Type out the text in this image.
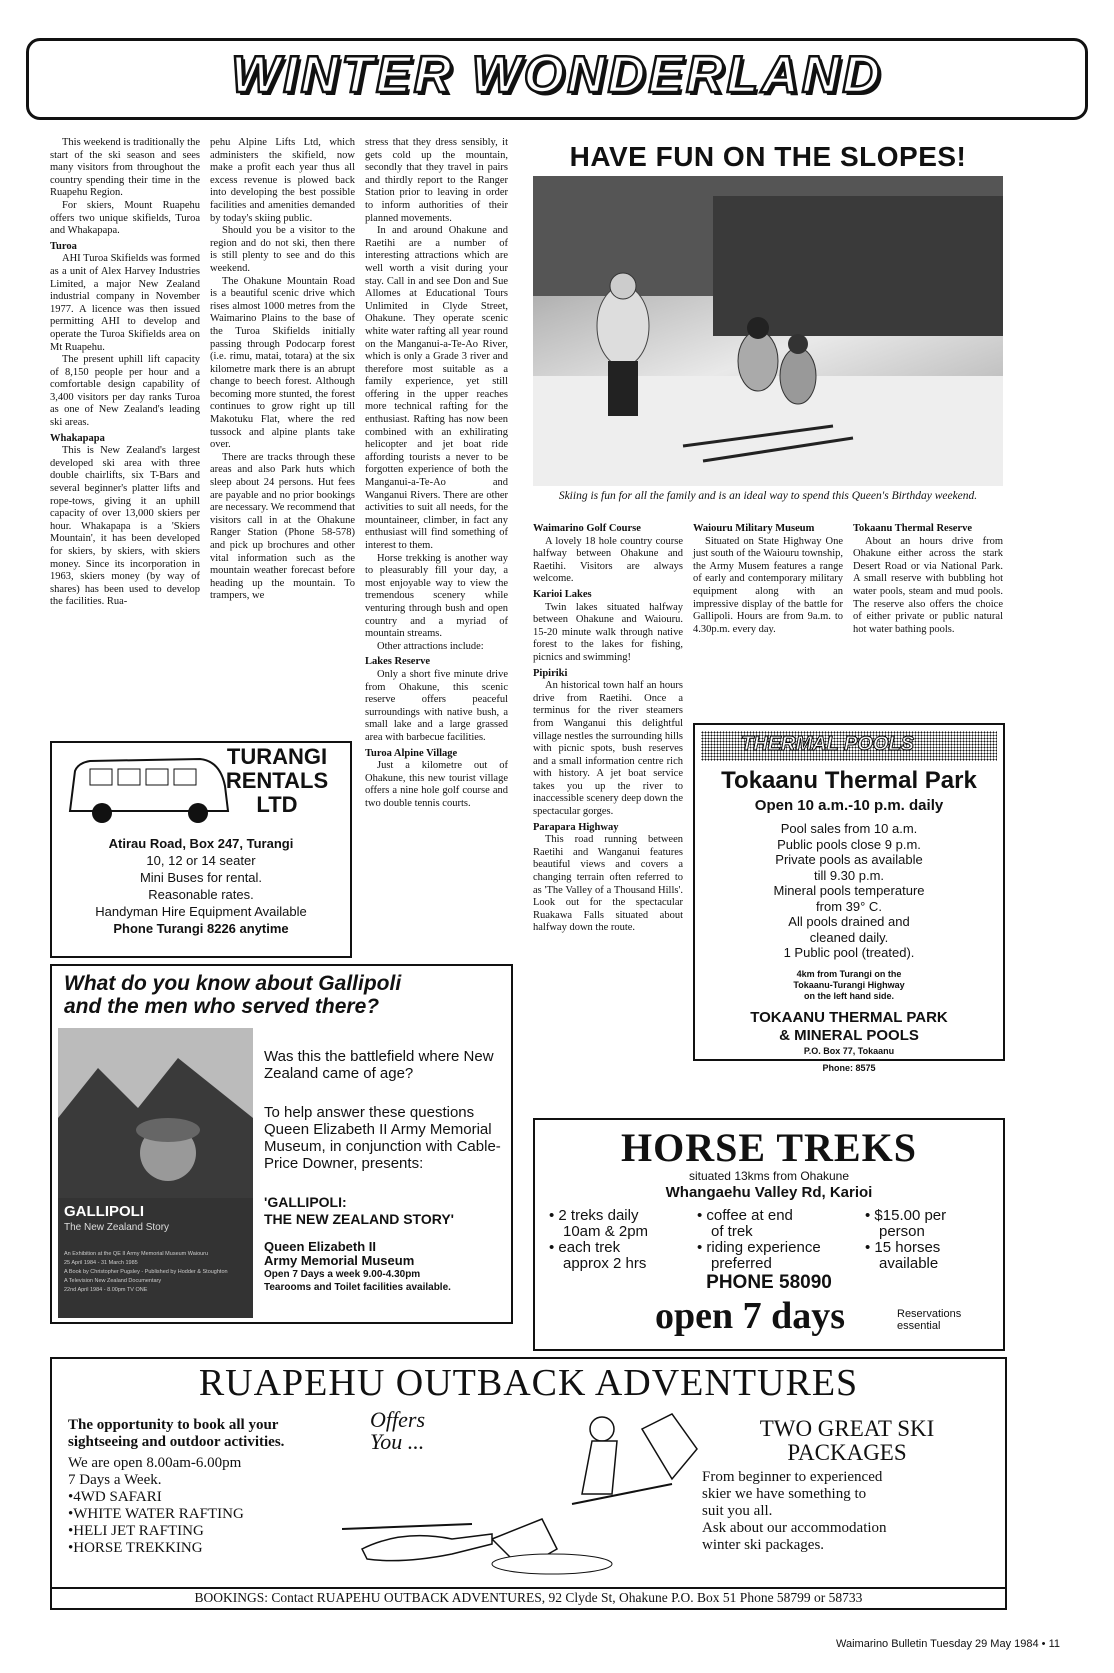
WINTER WONDERLAND

This weekend is traditionally the start of the ski season and sees many visitors from throughout the country spending their time in the Ruapehu Region.

For skiers, Mount Ruapehu offers two unique skifields, Turoa and Whakapapa.

Turoa

AHI Turoa Skifields was formed as a unit of Alex Harvey Industries Limited, a major New Zealand industrial company in November 1977. A licence was then issued permitting AHI to develop and operate the Turoa Skifields area on Mt Ruapehu.

The present uphill lift capacity of 8,150 people per hour and a comfortable design capability of 3,400 visitors per day ranks Turoa as one of New Zealand's leading ski areas.

Whakapapa

This is New Zealand's largest developed ski area with three double chairlifts, six T-Bars and several beginner's platter lifts and rope-tows, giving it an uphill capacity of over 13,000 skiers per hour. Whakapapa is a 'Skiers Mountain', it has been developed for skiers, by skiers, with skiers money. Since its incorporation in 1963, skiers money (by way of shares) has been used to develop the facilities. Rua-

pehu Alpine Lifts Ltd, which administers the skifield, now make a profit each year thus all excess revenue is plowed back into developing the best possible facilities and amenities demanded by today's skiing public.

Should you be a visitor to the region and do not ski, then there is still plenty to see and do this weekend.

The Ohakune Mountain Road is a beautiful scenic drive which rises almost 1000 metres from the Waimarino Plains to the base of the Turoa Skifields initially passing through Podocarp forest (i.e. rimu, matai, totara) at the six kilometre mark there is an abrupt change to beech forest. Although becoming more stunted, the forest continues to grow right up till Makotuku Flat, where the red tussock and alpine plants take over.

There are tracks through these areas and also Park huts which sleep about 24 persons. Hut fees are payable and no prior bookings are necessary. We recommend that visitors call in at the Ohakune Ranger Station (Phone 58-578) and pick up brochures and other vital information such as the mountain weather forecast before heading up the mountain. To trampers, we

stress that they dress sensibly, it gets cold up the mountain, secondly that they travel in pairs and thirdly report to the Ranger Station prior to leaving in order to inform authorities of their planned movements.

In and around Ohakune and Raetihi are a number of interesting attractions which are well worth a visit during your stay. Call in and see Don and Sue Allomes at Educational Tours Unlimited in Clyde Street, Ohakune. They operate scenic white water rafting all year round on the Manganui-a-Te-Ao River, which is only a Grade 3 river and therefore most suitable as a family experience, yet still offering in the upper reaches more technical rafting for the enthusiast. Rafting has now been combined with an exhilirating helicopter and jet boat ride affording tourists a never to be forgotten experience of both the Manganui-a-Te-Ao and Wanganui Rivers. There are other activities to suit all needs, for the mountaineer, climber, in fact any enthusiast will find something of interest to them.

Horse trekking is another way to pleasurably fill your day, a most enjoyable way to view the tremendous scenery while venturing through bush and open country and a myriad of mountain streams.

Other attractions include:

Lakes Reserve

Only a short five minute drive from Ohakune, this scenic reserve offers peaceful surroundings with native bush, a small lake and a large grassed area with barbecue facilities.

Turoa Alpine Village

Just a kilometre out of Ohakune, this new tourist village offers a nine hole golf course and two double tennis courts.

HAVE FUN ON THE SLOPES!
Skiing is fun for all the family and is an ideal way to spend this Queen's Birthday weekend.

Waimarino Golf Course

A lovely 18 hole country course halfway between Ohakune and Raetihi. Visitors are always welcome.

Karioi Lakes

Twin lakes situated halfway between Ohakune and Waiouru. 15-20 minute walk through native forest to the lakes for fishing, picnics and swimming!

Pipiriki

An historical town half an hours drive from Raetihi. Once a terminus for the river steamers from Wanganui this delightful village nestles the surrounding hills with picnic spots, bush reserves and a small information centre rich with history. A jet boat service takes you up the river to inaccessible scenery deep down the spectacular gorges.

Parapara Highway

This road running between Raetihi and Wanganui features beautiful views and covers a changing terrain often referred to as 'The Valley of a Thousand Hills'. Look out for the spectacular Ruakawa Falls situated about halfway down the route.

Waiouru Military Museum

Situated on State Highway One just south of the Waiouru township, the Army Musem features a range of early and contemporary military equipment along with an impressive display of the battle for Gallipoli. Hours are from 9a.m. to 4.30p.m. every day.

Tokaanu Thermal Reserve

About an hours drive from Ohakune either across the stark Desert Road or via National Park. A small reserve with bubbling hot water pools, steam and mud pools. The reserve also offers the choice of either private or public natural hot water bathing pools.

TURANGI
RENTALS
LTD
Atirau Road, Box 247, Turangi
10, 12 or 14 seater
Mini Buses for rental.
Reasonable rates.
Handyman Hire Equipment Available
Phone Turangi 8226 anytime
What do you know about Gallipoli
and the men who served there?
GALLIPOLI
The New Zealand Story
An Exhibition at the QE II Army Memorial Museum Waiouru
25 April 1984 - 31 March 1985
A Book by Christopher Pugsley - Published by Hodder & Stoughton
A Television New Zealand Documentary
22nd April 1984 - 8.00pm TV ONE
Was this the battlefield where New Zealand came of age?
To help answer these questions Queen Elizabeth II Army Memorial Museum, in conjunction with Cable-Price Downer, presents:
'GALLIPOLI:
THE NEW ZEALAND STORY'
Queen Elizabeth II
Army Memorial Museum
Open 7 Days a week 9.00-4.30pm
Tearooms and Toilet facilities available.
THERMAL POOLS
Tokaanu Thermal Park
Open 10 a.m.-10 p.m. daily
Pool sales from 10 a.m.
Public pools close 9 p.m.
Private pools as available
till 9.30 p.m.
Mineral pools temperature
from 39° C.
All pools drained and
cleaned daily.
1 Public pool (treated).
4km from Turangi on the
Tokaanu-Turangi Highway
on the left hand side.
TOKAANU THERMAL PARK
& MINERAL POOLS
P.O. Box 77, Tokaanu
Phone: 8575
HORSE TREKS
situated 13kms from Ohakune
Whangaehu Valley Rd, Karioi
• 2 treks daily
10am & 2pm
• each trek
approx 2 hrs
• coffee at end
of trek
• riding experience
preferred
• $15.00 per
person
• 15 horses
available
PHONE 58090
open 7 days	Reservations
essential
RUAPEHU OUTBACK ADVENTURES
The opportunity to book all your
sightseeing and outdoor activities.
We are open 8.00am-6.00pm
7 Days a Week.
•4WD SAFARI
•WHITE WATER RAFTING
•HELI JET RAFTING
•HORSE TREKKING
Offers
You ...
TWO GREAT SKI
PACKAGES
From beginner to experienced
skier we have something to
suit you all.
Ask about our accommodation
winter ski packages.
BOOKINGS: Contact RUAPEHU OUTBACK ADVENTURES, 92 Clyde St, Ohakune P.O. Box 51 Phone 58799 or 58733
Waimarino Bulletin Tuesday 29 May 1984 • 11
